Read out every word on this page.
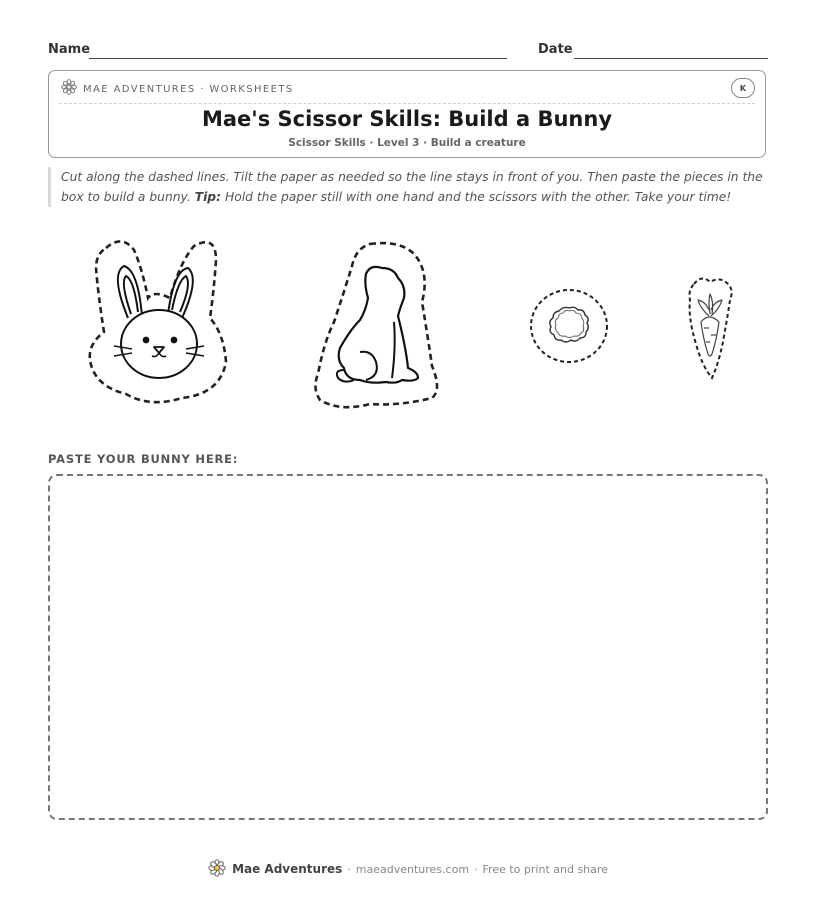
Name	Date
MAE ADVENTURES · WORKSHEETS	K
Mae's Scissor Skills: Build a Bunny
Scissor Skills · Level 3 · Build a creature
Cut along the dashed lines. Tilt the paper as needed so the line stays in front of you. Then paste the pieces in the box to build a bunny. Tip: Hold the paper still with one hand and the scissors with the other. Take your time!
PASTE YOUR BUNNY HERE:
Mae Adventures · maeadventures.com · Free to print and share
